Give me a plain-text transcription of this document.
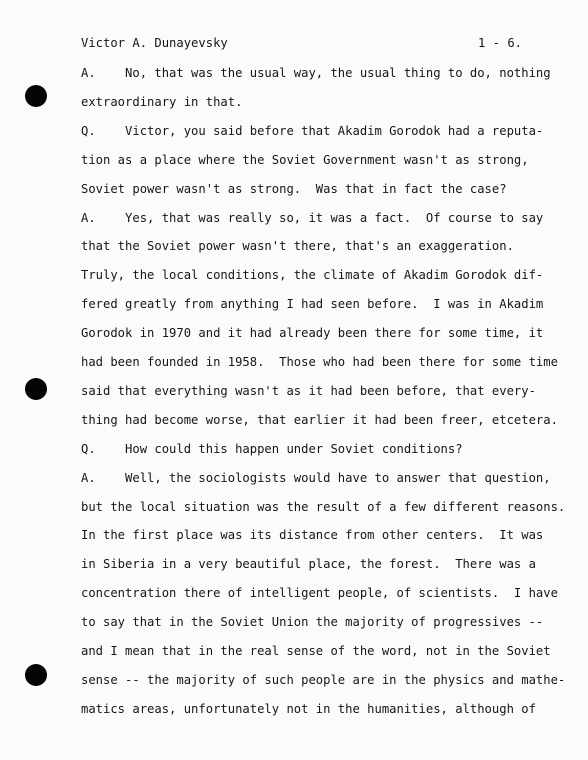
Victor A. Dunayevsky	1 - 6.
A.    No, that was the usual way, the usual thing to do, nothing
extraordinary in that.
Q.    Victor, you said before that Akadim Gorodok had a reputa-
tion as a place where the Soviet Government wasn't as strong,
Soviet power wasn't as strong.  Was that in fact the case?
A.    Yes, that was really so, it was a fact.  Of course to say
that the Soviet power wasn't there, that's an exaggeration.
Truly, the local conditions, the climate of Akadim Gorodok dif-
fered greatly from anything I had seen before.  I was in Akadim
Gorodok in 1970 and it had already been there for some time, it
had been founded in 1958.  Those who had been there for some time
said that everything wasn't as it had been before, that every-
thing had become worse, that earlier it had been freer, etcetera.
Q.    How could this happen under Soviet conditions?
A.    Well, the sociologists would have to answer that question,
but the local situation was the result of a few different reasons.
In the first place was its distance from other centers.  It was
in Siberia in a very beautiful place, the forest.  There was a
concentration there of intelligent people, of scientists.  I have
to say that in the Soviet Union the majority of progressives --
and I mean that in the real sense of the word, not in the Soviet
sense -- the majority of such people are in the physics and mathe-
matics areas, unfortunately not in the humanities, although of
